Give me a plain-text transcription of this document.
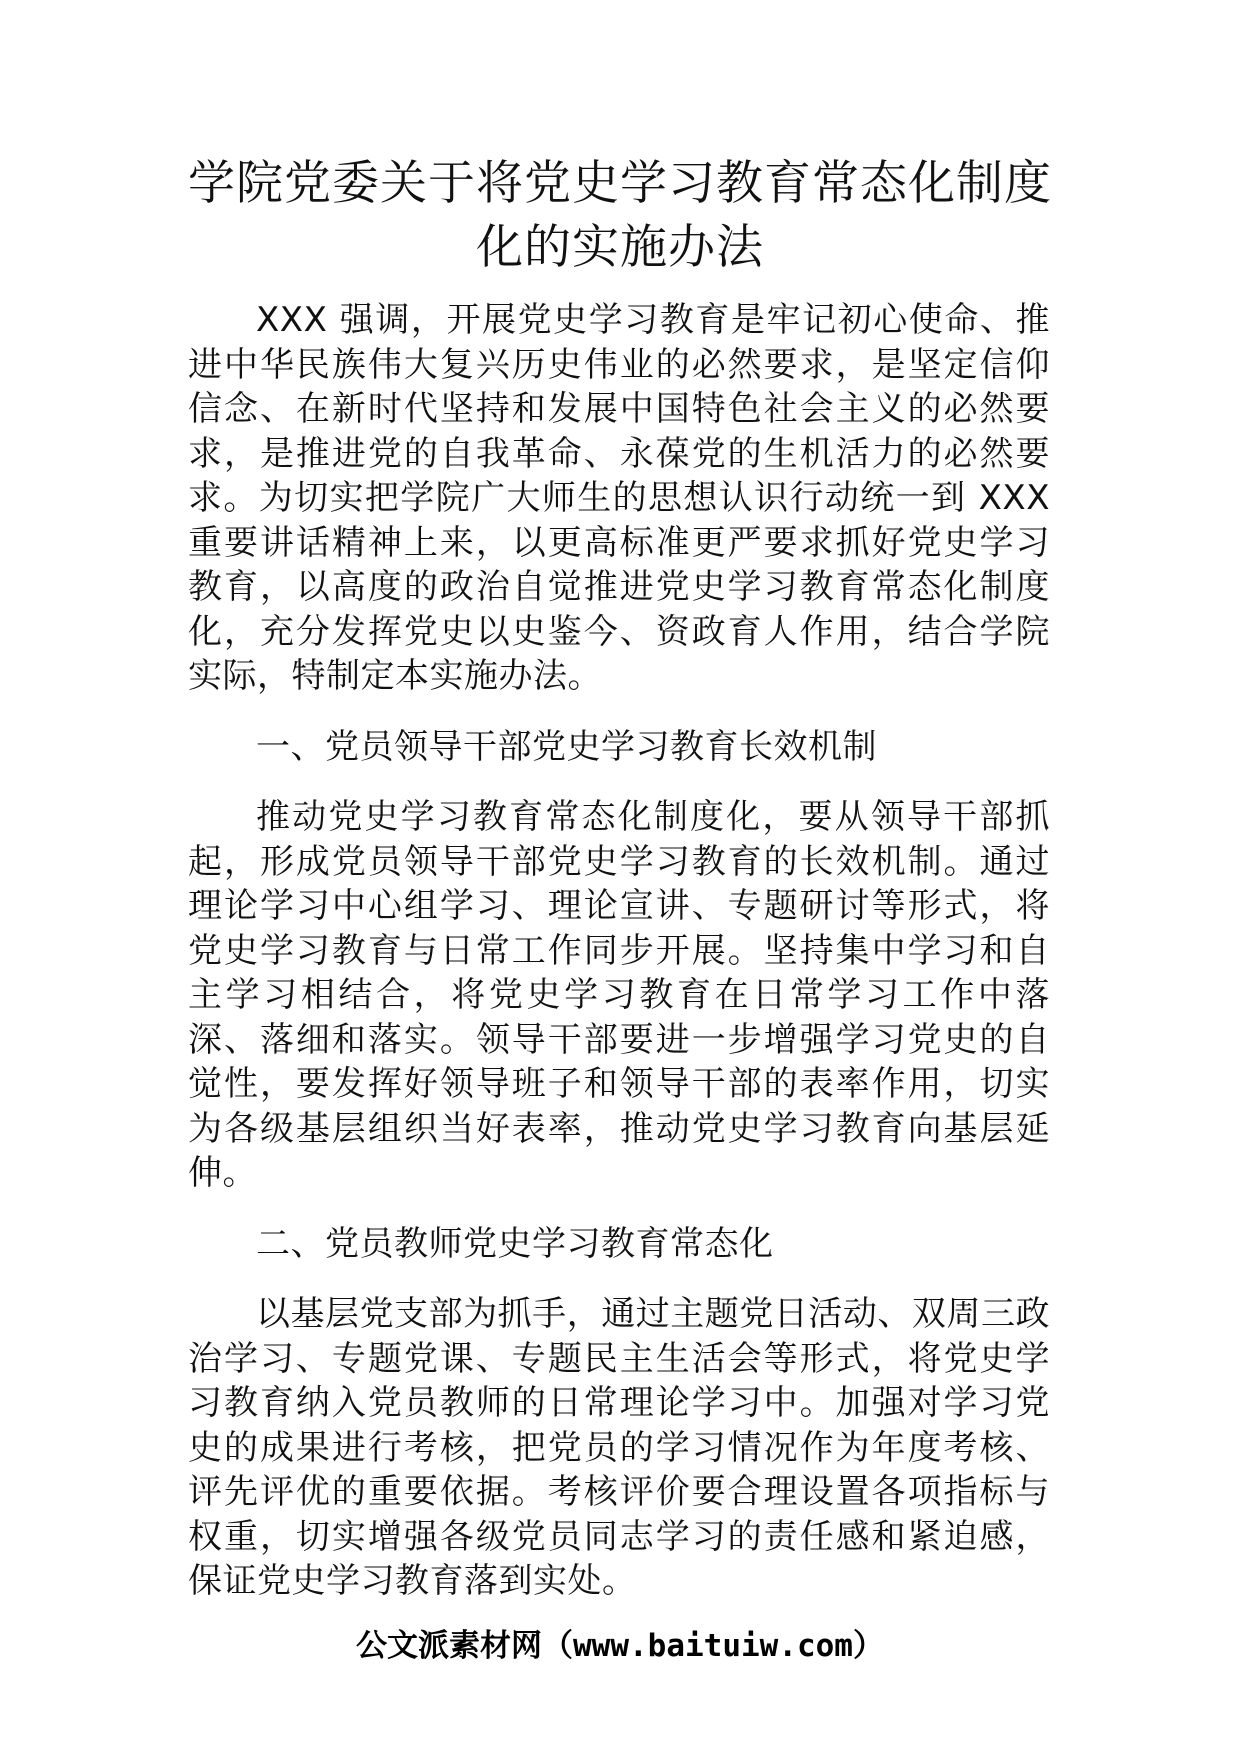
学院党委关于将党史学习教育常态化制度
化的实施办法

XXX 强调，开展党史学习教育是牢记初心使命、推进中华民族伟大复兴历史伟业的必然要求，是坚定信仰信念、在新时代坚持和发展中国特色社会主义的必然要求，是推进党的自我革命、永葆党的生机活力的必然要求。为切实把学院广大师生的思想认识行动统一到 XXX 重要讲话精神上来，以更高标准更严要求抓好党史学习教育，以高度的政治自觉推进党史学习教育常态化制度化，充分发挥党史以史鉴今、资政育人作用，结合学院实际，特制定本实施办法。

一、党员领导干部党史学习教育长效机制

推动党史学习教育常态化制度化，要从领导干部抓起，形成党员领导干部党史学习教育的长效机制。通过理论学习中心组学习、理论宣讲、专题研讨等形式，将党史学习教育与日常工作同步开展。坚持集中学习和自主学习相结合，将党史学习教育在日常学习工作中落深、落细和落实。领导干部要进一步增强学习党史的自觉性，要发挥好领导班子和领导干部的表率作用，切实为各级基层组织当好表率，推动党史学习教育向基层延伸。

二、党员教师党史学习教育常态化

以基层党支部为抓手，通过主题党日活动、双周三政治学习、专题党课、专题民主生活会等形式，将党史学习教育纳入党员教师的日常理论学习中。加强对学习党史的成果进行考核，把党员的学习情况作为年度考核、评先评优的重要依据。考核评价要合理设置各项指标与权重，切实增强各级党员同志学习的责任感和紧迫感，保证党史学习教育落到实处。

公文派素材网（www.baituiw.com）
